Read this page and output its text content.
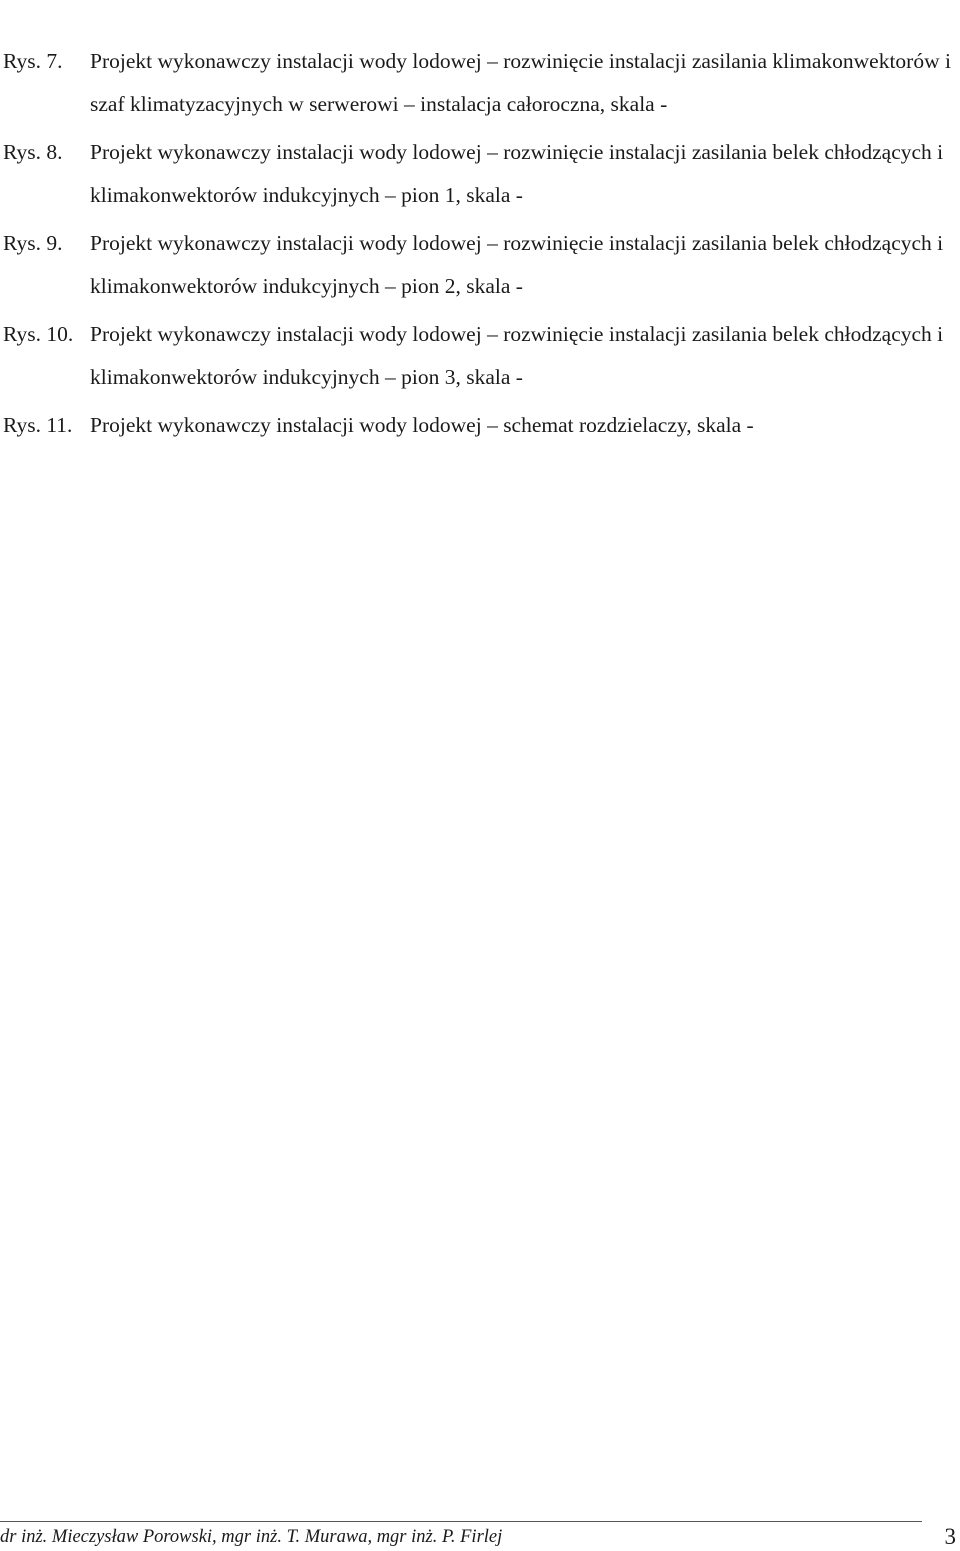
Rys. 7.	Projekt wykonawczy instalacji wody lodowej – rozwinięcie instalacji zasilania klimakonwektorów i szaf klimatyzacyjnych w serwerowi – instalacja całoroczna, skala -
Rys. 8.	Projekt wykonawczy instalacji wody lodowej – rozwinięcie instalacji zasilania belek chłodzących i klimakonwektorów indukcyjnych – pion 1, skala -
Rys. 9.	Projekt wykonawczy instalacji wody lodowej – rozwinięcie instalacji zasilania belek chłodzących i klimakonwektorów indukcyjnych – pion 2, skala -
Rys. 10. Projekt wykonawczy instalacji wody lodowej – rozwinięcie instalacji zasilania belek chłodzących i klimakonwektorów indukcyjnych – pion 3, skala -
Rys. 11. Projekt wykonawczy instalacji wody lodowej – schemat rozdzielaczy, skala -
dr inż. Mieczysław Porowski, mgr inż. T. Murawa, mgr inż. P. Firlej	3
